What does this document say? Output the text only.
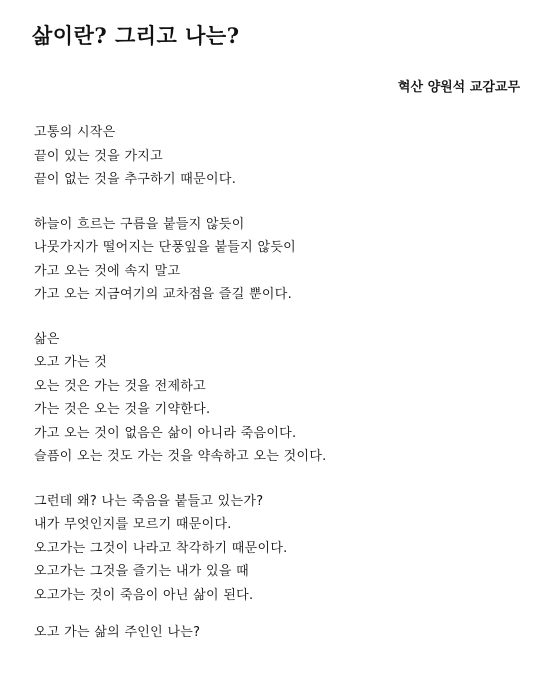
삶이란? 그리고 나는?
혁산 양원석 교감교무
고통의 시작은
끝이 있는 것을 가지고
끝이 없는 것을 추구하기 때문이다.
하늘이 흐르는 구름을 붙들지 않듯이
나뭇가지가 떨어지는 단풍잎을 붙들지 않듯이
가고 오는 것에 속지 말고
가고 오는 지금여기의 교차점을 즐길 뿐이다.
삶은
오고 가는 것
오는 것은 가는 것을 전제하고
가는 것은 오는 것을 기약한다.
가고 오는 것이 없음은 삶이 아니라 죽음이다.
슬픔이 오는 것도 가는 것을 약속하고 오는 것이다.
그런데 왜? 나는 죽음을 붙들고 있는가?
내가 무엇인지를 모르기 때문이다.
오고가는 그것이 나라고 착각하기 때문이다.
오고가는 그것을 즐기는 내가 있을 때
오고가는 것이 죽음이 아닌 삶이 된다.
오고 가는 삶의 주인인 나는?
